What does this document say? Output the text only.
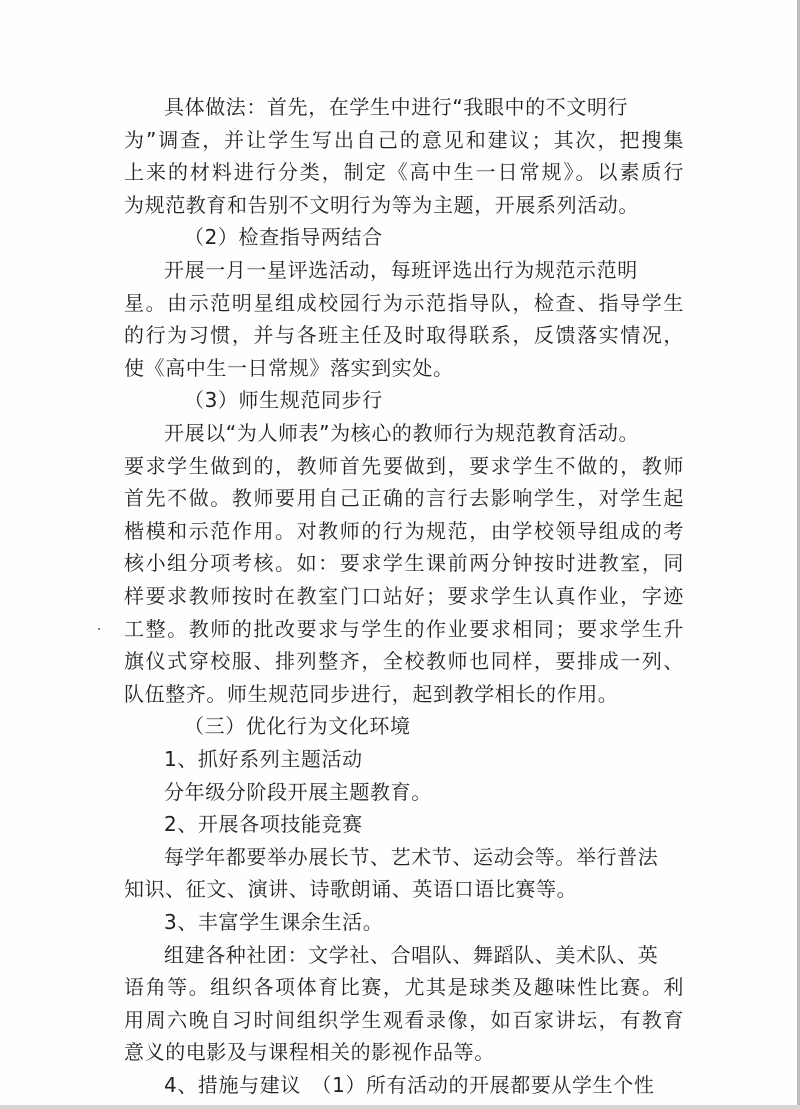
具体做法：首先，在学生中进行“我眼中的不文明行
为”调查，并让学生写出自己的意见和建议；其次，把搜集
上来的材料进行分类，制定《高中生一日常规》。以素质行
为规范教育和告别不文明行为等为主题，开展系列活动。
（2）检查指导两结合
开展一月一星评选活动，每班评选出行为规范示范明
星。由示范明星组成校园行为示范指导队，检查、指导学生
的行为习惯，并与各班主任及时取得联系，反馈落实情况，
使《高中生一日常规》落实到实处。
（3）师生规范同步行
开展以“为人师表”为核心的教师行为规范教育活动。
要求学生做到的，教师首先要做到，要求学生不做的，教师
首先不做。教师要用自己正确的言行去影响学生，对学生起
楷模和示范作用。对教师的行为规范，由学校领导组成的考
核小组分项考核。如：要求学生课前两分钟按时进教室，同
样要求教师按时在教室门口站好；要求学生认真作业，字迹
工整。教师的批改要求与学生的作业要求相同；要求学生升
旗仪式穿校服、排列整齐，全校教师也同样，要排成一列、
队伍整齐。师生规范同步进行，起到教学相长的作用。
（三）优化行为文化环境
1、抓好系列主题活动
分年级分阶段开展主题教育。
2、开展各项技能竞赛
每学年都要举办展长节、艺术节、运动会等。举行普法
知识、征文、演讲、诗歌朗诵、英语口语比赛等。
3、丰富学生课余生活。
组建各种社团：文学社、合唱队、舞蹈队、美术队、英
语角等。组织各项体育比赛，尤其是球类及趣味性比赛。利
用周六晚自习时间组织学生观看录像，如百家讲坛，有教育
意义的电影及与课程相关的影视作品等。
4、措施与建议　（1）所有活动的开展都要从学生个性
